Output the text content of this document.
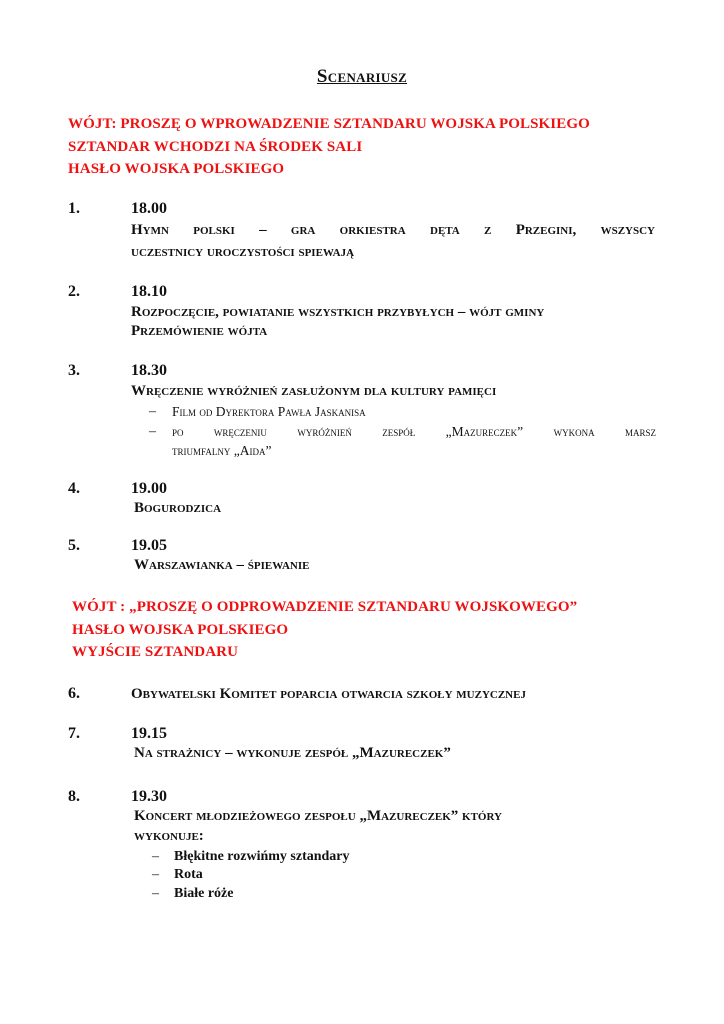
Scenariusz
WÓJT: PROSZĘ O WPROWADZENIE SZTANDARU WOJSKA POLSKIEGO
SZTANDAR WCHODZI NA ŚRODEK SALI
HASŁO WOJSKA POLSKIEGO
1.	18.00
Hymn polski – gra orkiestra dęta z Przegini, wszyscy
uczestnicy uroczystości spiewają
2.	18.10
Rozpoczęcie, powiatanie wszystkich przybyłych – wójt gminy
Przemówienie wójta
3.	18.30
Wręczenie wyróżnień zasłużonym dla kultury pamięci
– Film od Dyrektora Pawła Jaskanisa
– po wręczeniu wyróżnień zespół „Mazureczek” wykona marsz
triumfalny „Aida”
4.	19.00
Bogurodzica
5.	19.05
Warszawianka – śpiewanie
WÓJT : „PROSZĘ O ODPROWADZENIE SZTANDARU WOJSKOWEGO”
HASŁO WOJSKA POLSKIEGO
WYJŚCIE SZTANDARU
6.	Obywatelski Komitet poparcia otwarcia szkoły muzycznej
7.	19.15
Na strażnicy – wykonuje zespół „Mazureczek”
8.	19.30
Koncert młodzieżowego zespołu „Mazureczek” który
wykonuje:
– Błękitne rozwińmy sztandary
– Rota
– Białe róże
